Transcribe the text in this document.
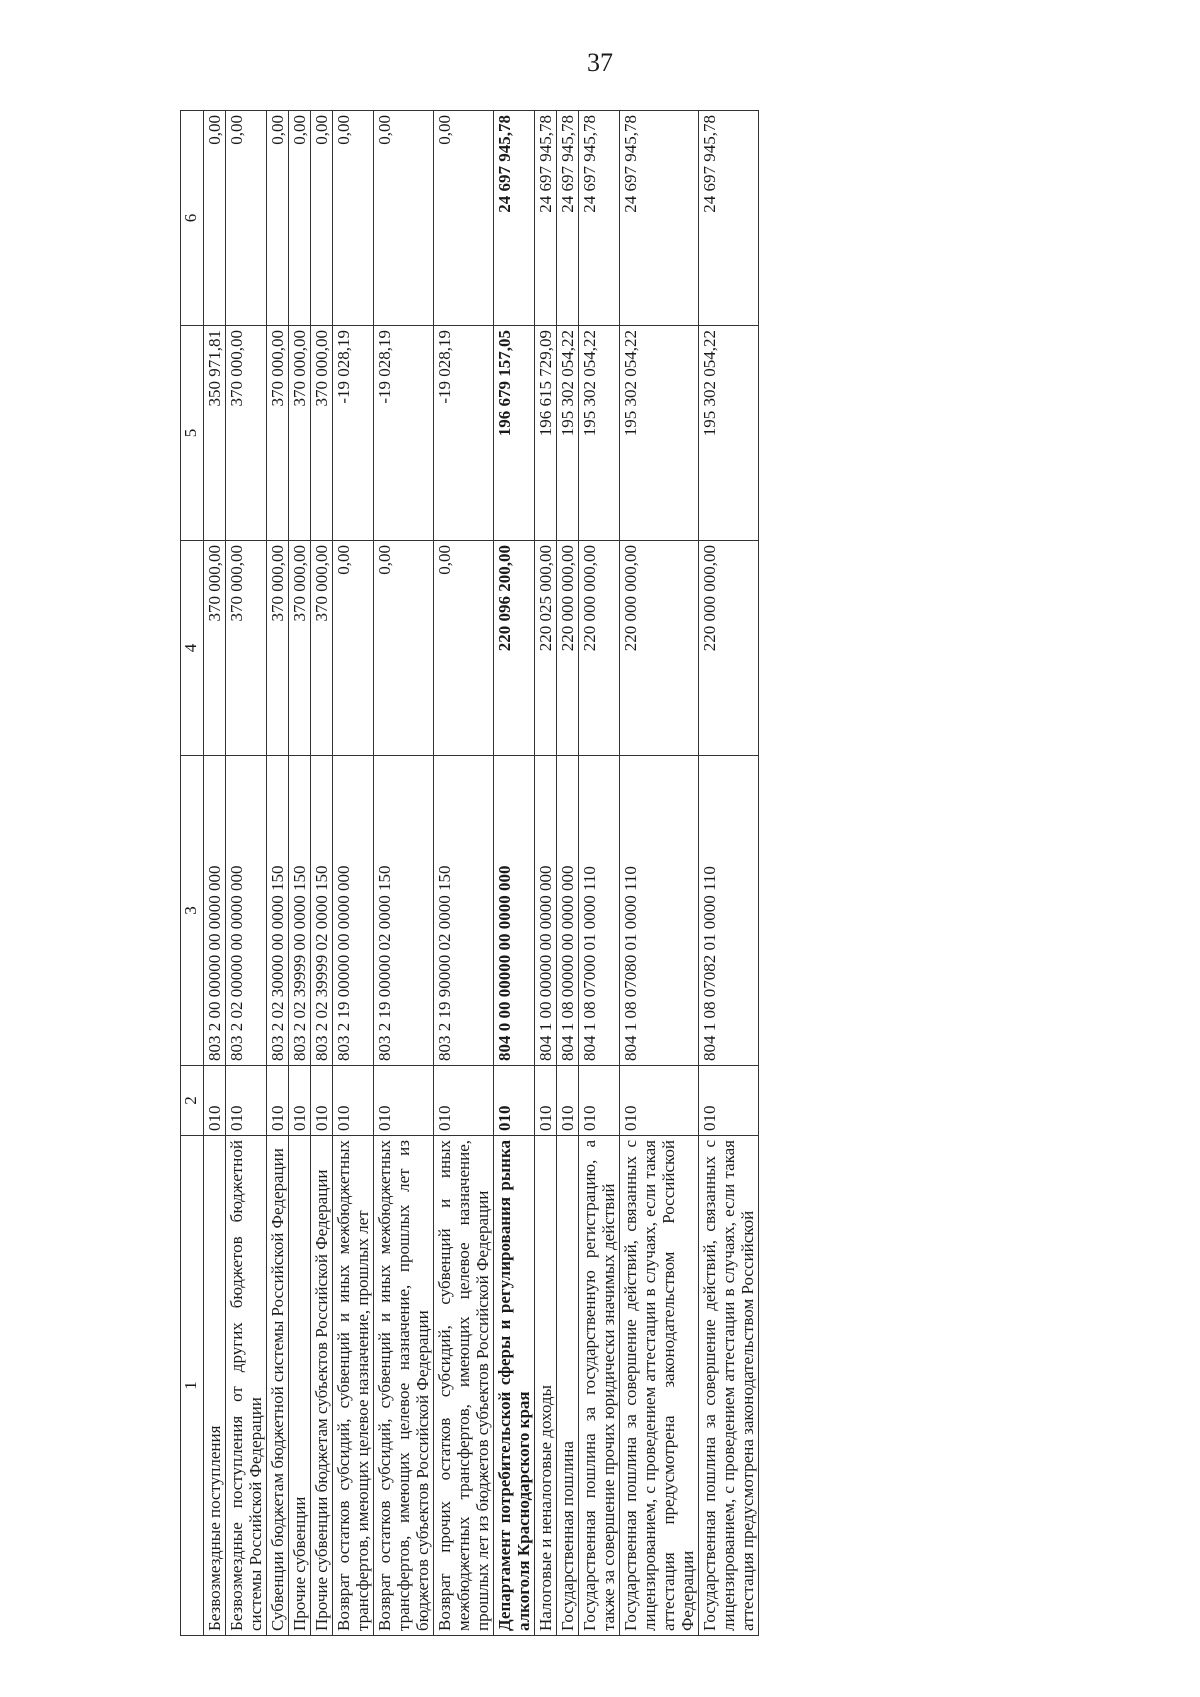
37
1	2	3	4	5	6
Безвозмездные поступления	010	803 2 00 00000 00 0000 000	370 000,00	350 971,81	0,00
Безвозмездные поступления от других бюджетов бюджетной системы Российской Федерации	010	803 2 02 00000 00 0000 000	370 000,00	370 000,00	0,00
Субвенции бюджетам бюджетной системы Российской Федерации	010	803 2 02 30000 00 0000 150	370 000,00	370 000,00	0,00
Прочие субвенции	010	803 2 02 39999 00 0000 150	370 000,00	370 000,00	0,00
Прочие субвенции бюджетам субъектов Российской Федерации	010	803 2 02 39999 02 0000 150	370 000,00	370 000,00	0,00
Возврат остатков субсидий, субвенций и иных межбюджетных трансфертов, имеющих целевое назначение, прошлых лет	010	803 2 19 00000 00 0000 000	0,00	-19 028,19	0,00
Возврат остатков субсидий, субвенций и иных межбюджетных трансфертов, имеющих целевое назначение, прошлых лет из бюджетов субъектов Российской Федерации	010	803 2 19 00000 02 0000 150	0,00	-19 028,19	0,00
Возврат прочих остатков субсидий, субвенций и иных межбюджетных трансфертов, имеющих целевое назначение, прошлых лет из бюджетов субъектов Российской Федерации	010	803 2 19 90000 02 0000 150	0,00	-19 028,19	0,00
Департамент потребительской сферы и регулирования рынка алкоголя Краснодарского края	010	804 0 00 00000 00 0000 000	220 096 200,00	196 679 157,05	24 697 945,78
Налоговые и неналоговые доходы	010	804 1 00 00000 00 0000 000	220 025 000,00	196 615 729,09	24 697 945,78
Государственная пошлина	010	804 1 08 00000 00 0000 000	220 000 000,00	195 302 054,22	24 697 945,78
Государственная пошлина за государственную регистрацию, а также за совершение прочих юридически значимых действий	010	804 1 08 07000 01 0000 110	220 000 000,00	195 302 054,22	24 697 945,78
Государственная пошлина за совершение действий, связанных с лицензированием, с проведением аттестации в случаях, если такая аттестация предусмотрена законодательством Российской Федерации	010	804 1 08 07080 01 0000 110	220 000 000,00	195 302 054,22	24 697 945,78
Государственная пошлина за совершение действий, связанных с лицензированием, с проведением аттестации в случаях, если такая аттестация предусмотрена законодательством Российской	010	804 1 08 07082 01 0000 110	220 000 000,00	195 302 054,22	24 697 945,78
